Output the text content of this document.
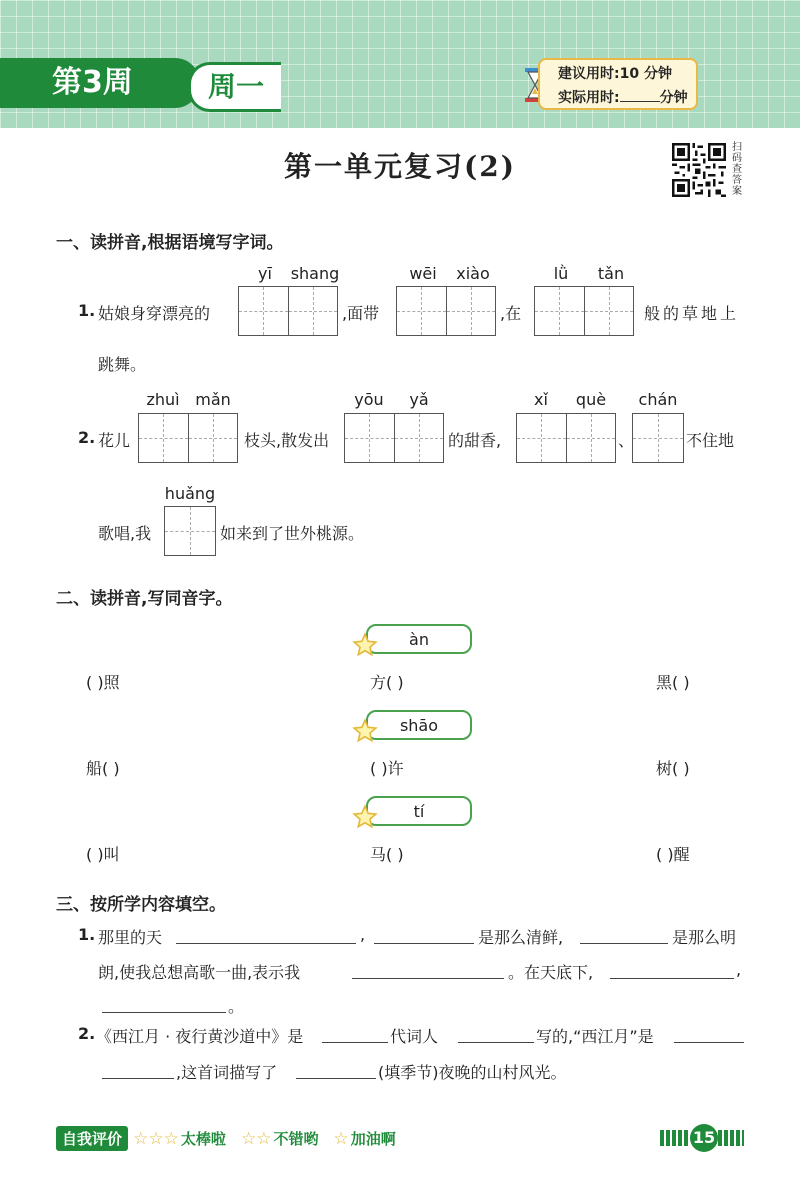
第3周	周一	建议用时:10 分钟
实际用时:	分钟
第一单元复习(2)
扫码查答案
一、读拼音,根据语境写字词。
yī	shang	wēi	xiào	lǜ	tǎn
1. 姑娘身穿漂亮的	,面带	,在	般的草地上
跳舞。
zhuì mǎn	yōu	yǎ	xǐ	què	chán
2. 花儿	枝头,散发出	的甜香,	、	不住地
huǎng
歌唱,我	如来到了世外桃源。
二、读拼音,写同音字。
àn
( )照	方( )	黑( )
shāo
船( )	( )许	树( )
tí
( )叫	马( )	( )醒
三、按所学内容填空。
1. 那里的天	,	是那么清鲜,	是那么明
朗,使我总想高歌一曲,表示我	。在天底下,	,
。
2. 《西江月 · 夜行黄沙道中》是	代词人	写的,“西江月”是
,这首词描写了	(填季节)夜晚的山村风光。
自我评价 ☆☆☆ 太棒啦 ☆☆ 不错哟 ☆ 加油啊	15
